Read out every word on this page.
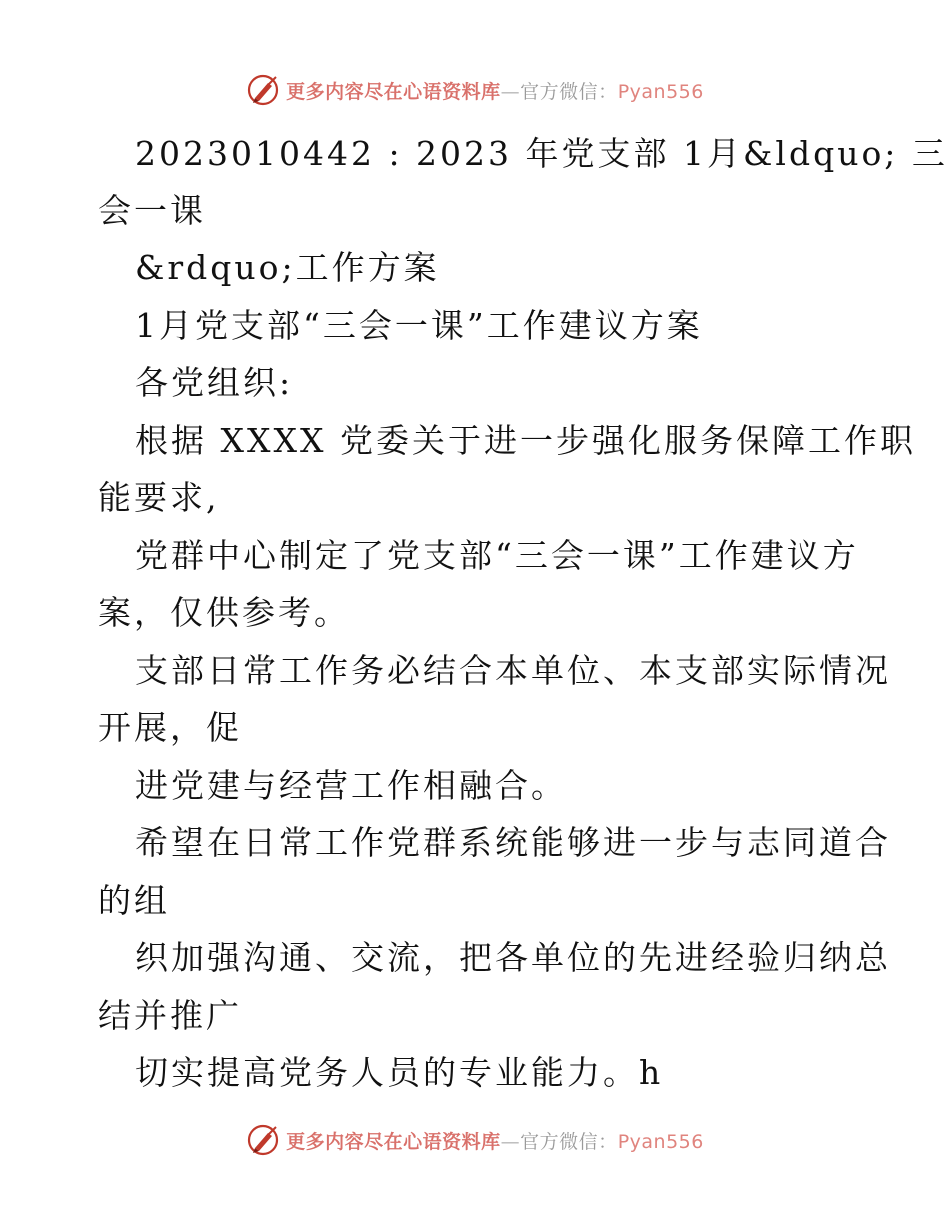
更多内容尽在心语资料库—官方微信：Pyan556
2023010442 : 2023 年党支部 1月&ldquo; 三
会一课
&rdquo;工作方案
1月党支部“三会一课”工作建议方案
各党组织:
根据 XXXX 党委关于进一步强化服务保障工作职
能要求,
党群中心制定了党支部“三会一课”工作建议方
案，仅供参考。
支部日常工作务必结合本单位、本支部实际情况
开展，促
进党建与经营工作相融合。
希望在日常工作党群系统能够进一步与志同道合
的组
织加强沟通、交流，把各单位的先进经验归纳总
结并推广
切实提高党务人员的专业能力。h
更多内容尽在心语资料库—官方微信：Pyan556
